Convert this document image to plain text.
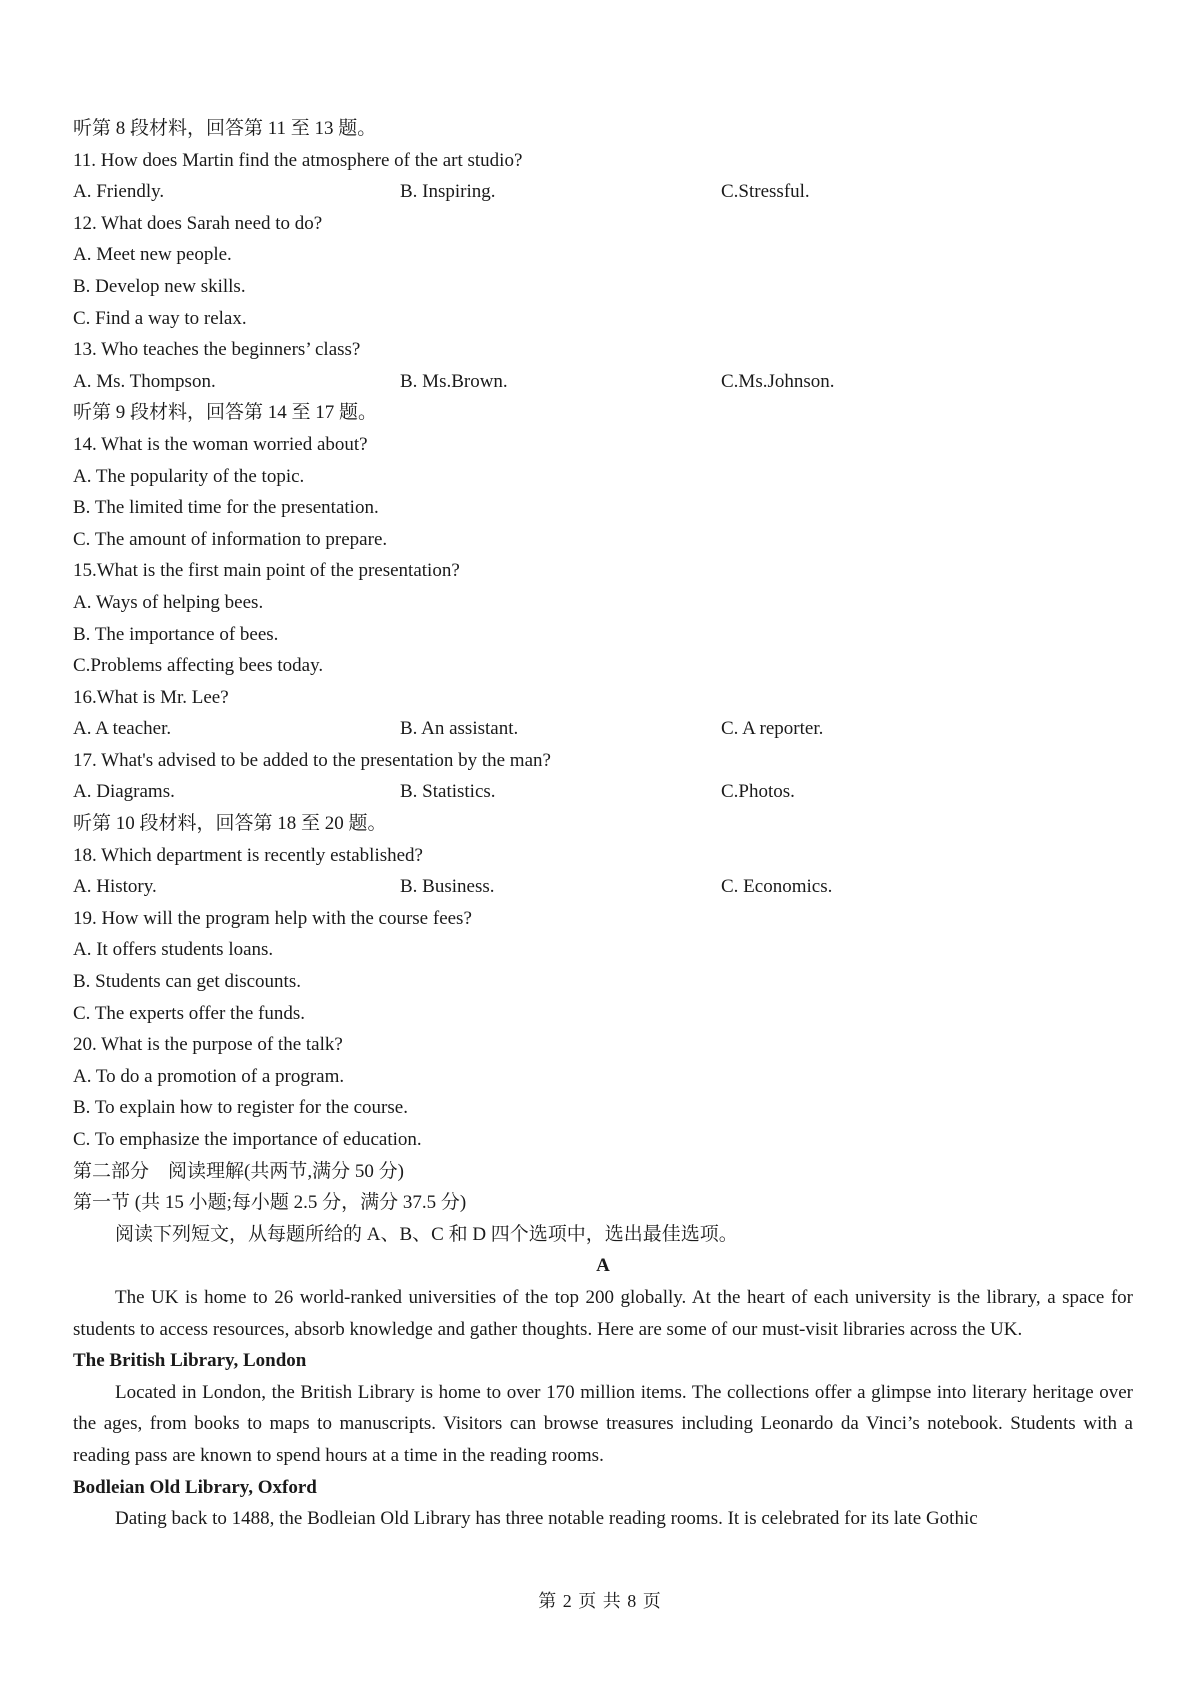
听第 8 段材料，回答第 11 至 13 题。
11. How does Martin find the atmosphere of the art studio?
A. Friendly.	B. Inspiring.	C.Stressful.
12. What does Sarah need to do?
A. Meet new people.
B. Develop new skills.
C. Find a way to relax.
13. Who teaches the beginners’ class?
A. Ms. Thompson.	B. Ms.Brown.	C.Ms.Johnson.
听第 9 段材料，回答第 14 至 17 题。
14. What is the woman worried about?
A. The popularity of the topic.
B. The limited time for the presentation.
C. The amount of information to prepare.
15.What is the first main point of the presentation?
A. Ways of helping bees.
B. The importance of bees.
C.Problems affecting bees today.
16.What is Mr. Lee?
A. A teacher.	B. An assistant.	C. A reporter.
17. What's advised to be added to the presentation by the man?
A. Diagrams.	B. Statistics.	C.Photos.
听第 10 段材料，回答第 18 至 20 题。
18. Which department is recently established?
A. History.	B. Business.	C. Economics.
19. How will the program help with the course fees?
A. It offers students loans.
B. Students can get discounts.
C. The experts offer the funds.
20. What is the purpose of the talk?
A. To do a promotion of a program.
B. To explain how to register for the course.
C. To emphasize the importance of education.
第二部分　阅读理解(共两节,满分 50 分)
第一节 (共 15 小题;每小题 2.5 分，满分 37.5 分)
阅读下列短文，从每题所给的 A、B、C 和 D 四个选项中，选出最佳选项。
A
The UK is home to 26 world-ranked universities of the top 200 globally. At the heart of each university is the library, a space for students to access resources, absorb knowledge and gather thoughts. Here are some of our must-visit libraries across the UK.
The British Library, London
Located in London, the British Library is home to over 170 million items. The collections offer a glimpse into literary heritage over the ages, from books to maps to manuscripts. Visitors can browse treasures including Leonardo da Vinci’s notebook. Students with a reading pass are known to spend hours at a time in the reading rooms.
Bodleian Old Library, Oxford
Dating back to 1488, the Bodleian Old Library has three notable reading rooms. It is celebrated for its late Gothic
第 2 页 共 8 页
